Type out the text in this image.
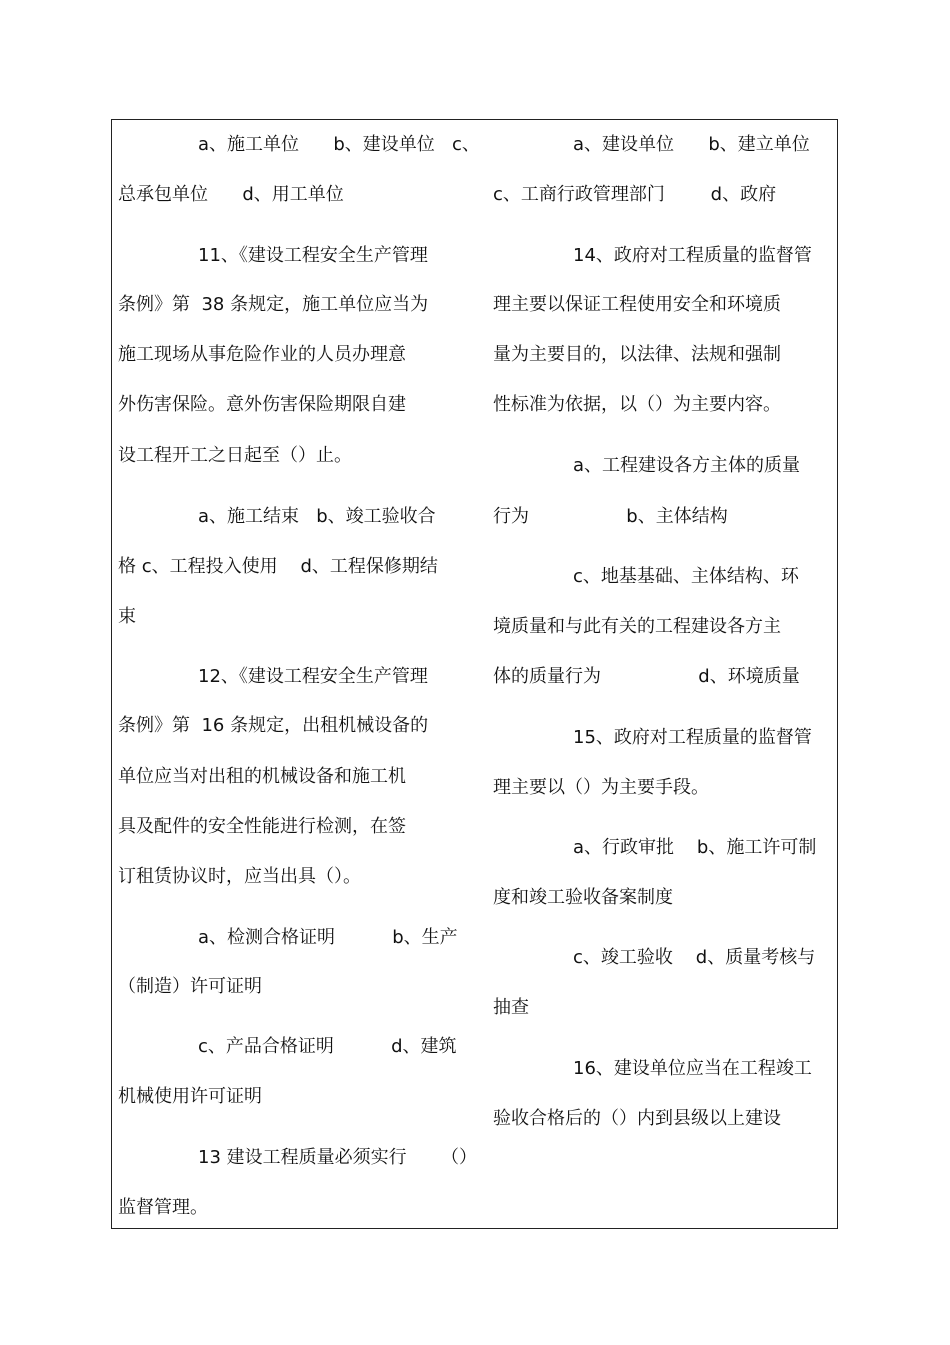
a、施工单位      b、建设单位   c、
总承包单位      d、用工单位
11、《建设工程安全生产管理
条例》第  38 条规定，施工单位应当为
施工现场从事危险作业的人员办理意
外伤害保险。意外伤害保险期限自建
设工程开工之日起至（）止。
a、施工结束   b、竣工验收合
格 c、工程投入使用    d、工程保修期结
束
12、《建设工程安全生产管理
条例》第  16 条规定，出租机械设备的
单位应当对出租的机械设备和施工机
具及配件的安全性能进行检测，在签
订租赁协议时，应当出具（）。
a、检测合格证明          b、生产
（制造）许可证明
c、产品合格证明          d、建筑
机械使用许可证明
13 建设工程质量必须实行      （）
监督管理。
a、建设单位      b、建立单位
c、工商行政管理部门        d、政府
14、政府对工程质量的监督管
理主要以保证工程使用安全和环境质
量为主要目的，以法律、法规和强制
性标准为依据，以（）为主要内容。
a、工程建设各方主体的质量
行为                 b、主体结构
c、地基基础、主体结构、环
境质量和与此有关的工程建设各方主
体的质量行为                 d、环境质量
15、政府对工程质量的监督管
理主要以（）为主要手段。
a、行政审批    b、施工许可制
度和竣工验收备案制度
c、竣工验收    d、质量考核与
抽查
16、建设单位应当在工程竣工
验收合格后的（）内到县级以上建设
